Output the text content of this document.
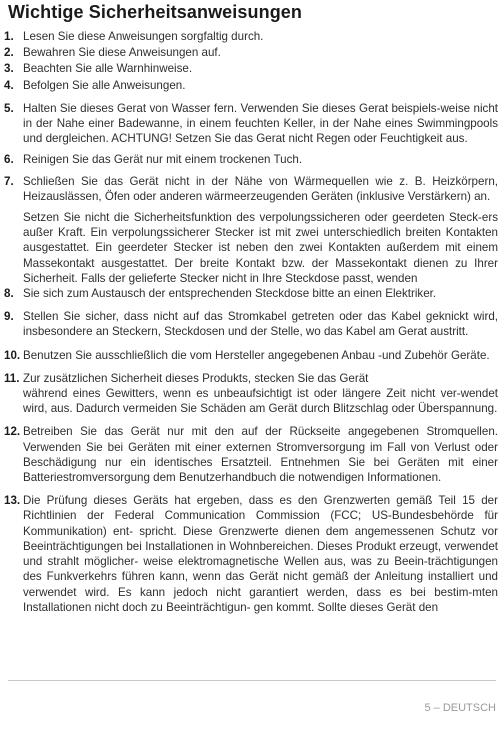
Wichtige Sicherheitsanweisungen
1. Lesen Sie diese Anweisungen sorgfaltig durch.
2. Bewahren Sie diese Anweisungen auf.
3. Beachten Sie alle Warnhinweise.
4. Befolgen Sie alle Anweisungen.
5. Halten Sie dieses Gerat von Wasser fern. Verwenden Sie dieses Gerat beispiels-weise nicht in der Nahe einer Badewanne, in einem feuchten Keller, in der Nahe eines Swimmingpools und dergleichen. ACHTUNG! Setzen Sie das Gerat nicht Regen oder Feuchtigkeit aus.
6. Reinigen Sie das Gerät nur mit einem trockenen Tuch.
7. Schließen Sie das Gerät nicht in der Nähe von Wärmequellen wie z. B. Heizkörpern, Heizauslässen, Öfen oder anderen wärmeerzeugenden Geräten (inklusive Verstärkern) an.
Setzen Sie nicht die Sicherheitsfunktion des verpolungssicheren oder geerdeten Steck-ers außer Kraft. Ein verpolungssicherer Stecker ist mit zwei unterschiedlich breiten Kontakten ausgestattet. Ein geerdeter Stecker ist neben den zwei Kontakten außerdem mit einem Massekontakt ausgestattet. Der breite Kontakt bzw. der Massekontakt dienen zu Ihrer Sicherheit. Falls der gelieferte Stecker nicht in Ihre Steckdose passt, wenden
8. Sie sich zum Austausch der entsprechenden Steckdose bitte an einen Elektriker.
9. Stellen Sie sicher, dass nicht auf das Stromkabel getreten oder das Kabel geknickt wird, insbesondere an Steckern, Steckdosen und der Stelle, wo das Kabel am Gerat austritt.
10. Benutzen Sie ausschließlich die vom Hersteller angegebenen Anbau -und Zubehör Geräte.
11. Zur zusätzlichen Sicherheit dieses Produkts, stecken Sie das Gerät
während eines Gewitters, wenn es unbeaufsichtigt ist oder längere Zeit nicht ver-wendet wird, aus. Dadurch vermeiden Sie Schäden am Gerät durch Blitzschlag oder Überspannung.
12. Betreiben Sie das Gerät nur mit den auf der Rückseite angegebenen Stromquellen. Verwenden Sie bei Geräten mit einer externen Stromversorgung im Fall von Verlust oder Beschädigung nur ein identisches Ersatzteil. Entnehmen Sie bei Geräten mit einer Batteriestromversorgung dem Benutzerhandbuch die notwendigen Informationen.
13. Die Prüfung dieses Geräts hat ergeben, dass es den Grenzwerten gemäß Teil 15 der Richtlinien der Federal Communication Commission (FCC; US-Bundesbehörde für Kommunikation) ent- spricht. Diese Grenzwerte dienen dem angemessenen Schutz vor Beeinträchtigungen bei Installationen in Wohnbereichen. Dieses Produkt erzeugt, verwendet und strahlt möglicher- weise elektromagnetische Wellen aus, was zu Beein-trächtigungen des Funkverkehrs führen kann, wenn das Gerät nicht gemäß der Anleitung installiert und verwendet wird. Es kann jedoch nicht garantiert werden, dass es bei bestim-mten Installationen nicht doch zu Beeinträchtigun- gen kommt. Sollte dieses Gerät den
5 – DEUTSCH
